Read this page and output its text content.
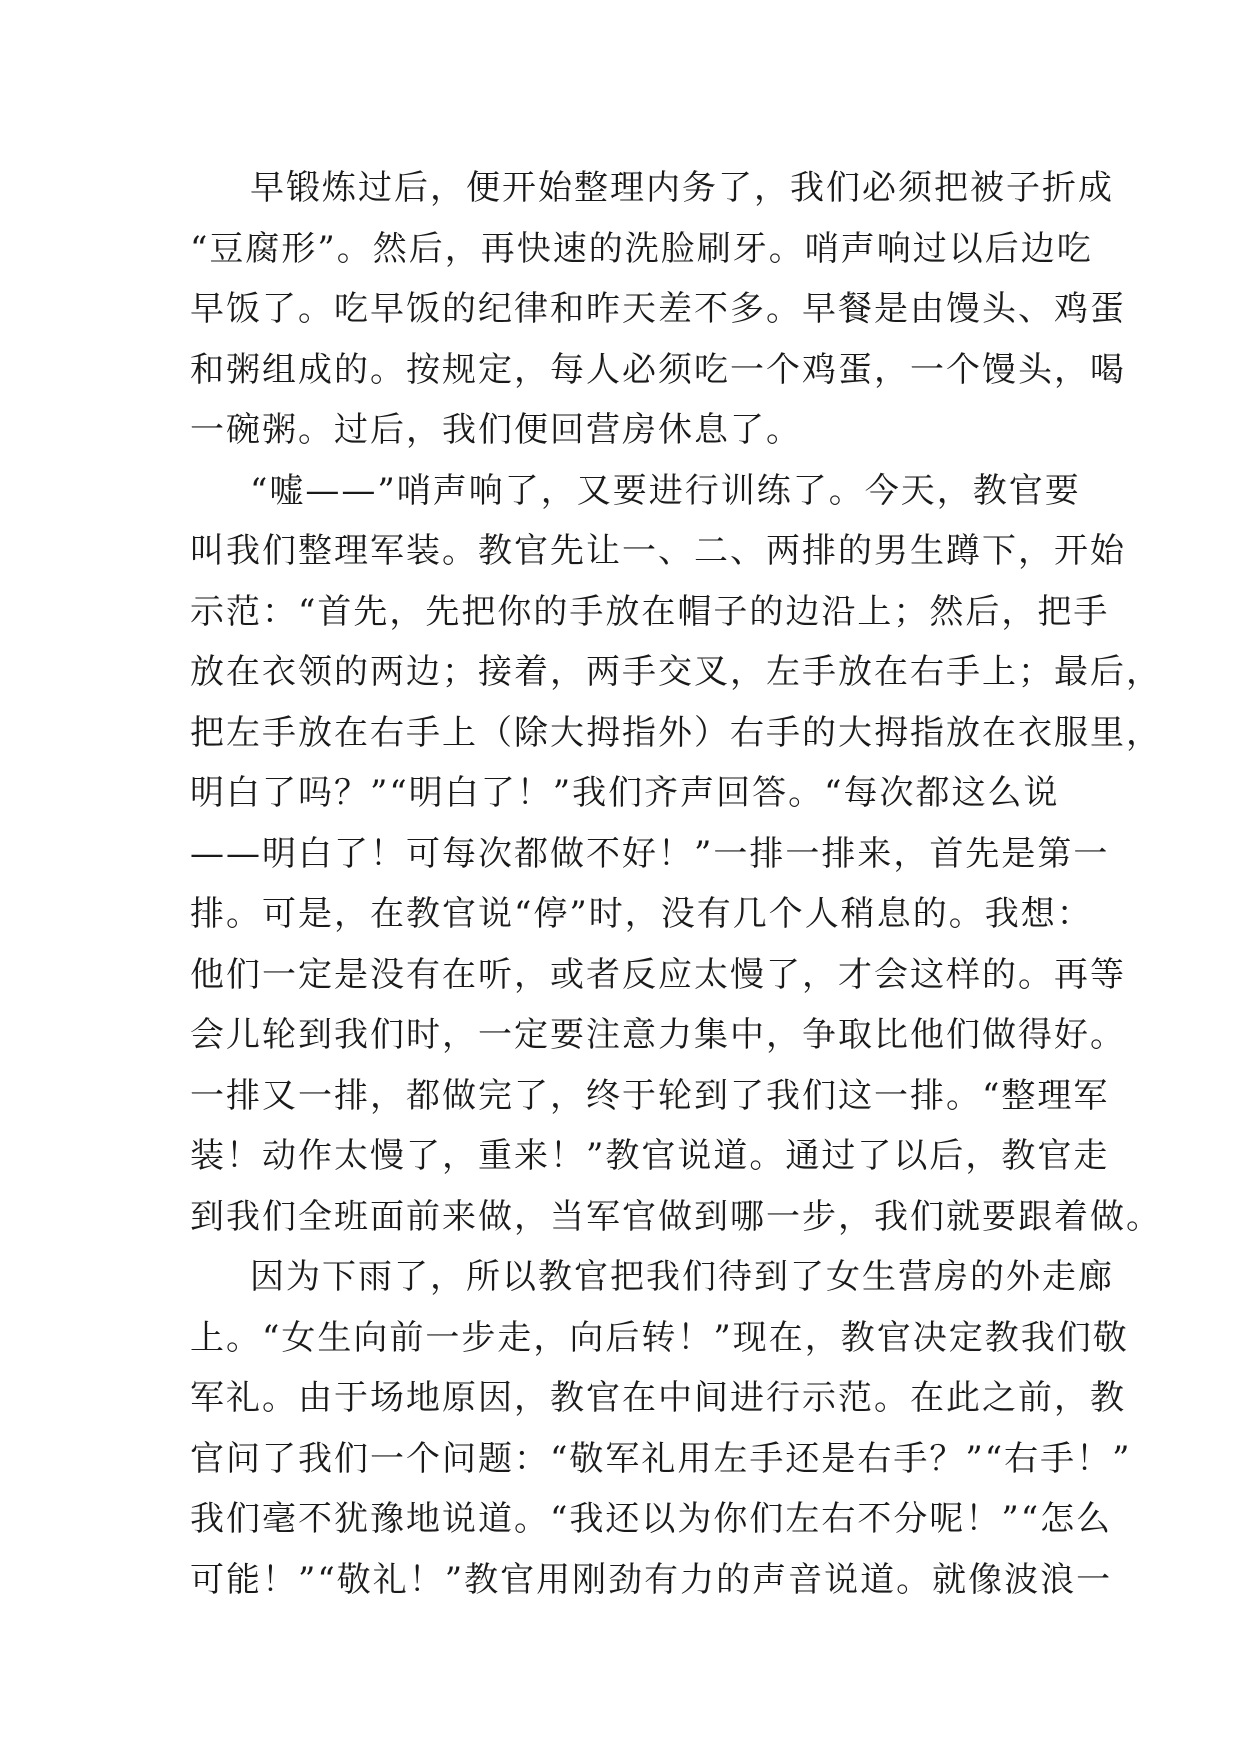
早锻炼过后，便开始整理内务了，我们必须把被子折成
“豆腐形”。然后，再快速的洗脸刷牙。哨声响过以后边吃
早饭了。吃早饭的纪律和昨天差不多。早餐是由馒头、鸡蛋
和粥组成的。按规定，每人必须吃一个鸡蛋，一个馒头，喝
一碗粥。过后，我们便回营房休息了。
“嘘——”哨声响了，又要进行训练了。今天，教官要
叫我们整理军装。教官先让一、二、两排的男生蹲下，开始
示范：“首先，先把你的手放在帽子的边沿上；然后，把手
放在衣领的两边；接着，两手交叉，左手放在右手上；最后，
把左手放在右手上（除大拇指外）右手的大拇指放在衣服里，
明白了吗？”“明白了！”我们齐声回答。“每次都这么说
——明白了！可每次都做不好！”一排一排来，首先是第一
排。可是，在教官说“停”时，没有几个人稍息的。我想：
他们一定是没有在听，或者反应太慢了，才会这样的。再等
会儿轮到我们时，一定要注意力集中，争取比他们做得好。
一排又一排，都做完了，终于轮到了我们这一排。“整理军
装！动作太慢了，重来！”教官说道。通过了以后，教官走
到我们全班面前来做，当军官做到哪一步，我们就要跟着做。
因为下雨了，所以教官把我们待到了女生营房的外走廊
上。“女生向前一步走，向后转！”现在，教官决定教我们敬
军礼。由于场地原因，教官在中间进行示范。在此之前，教
官问了我们一个问题：“敬军礼用左手还是右手？”“右手！”
我们毫不犹豫地说道。“我还以为你们左右不分呢！”“怎么
可能！”“敬礼！”教官用刚劲有力的声音说道。就像波浪一
